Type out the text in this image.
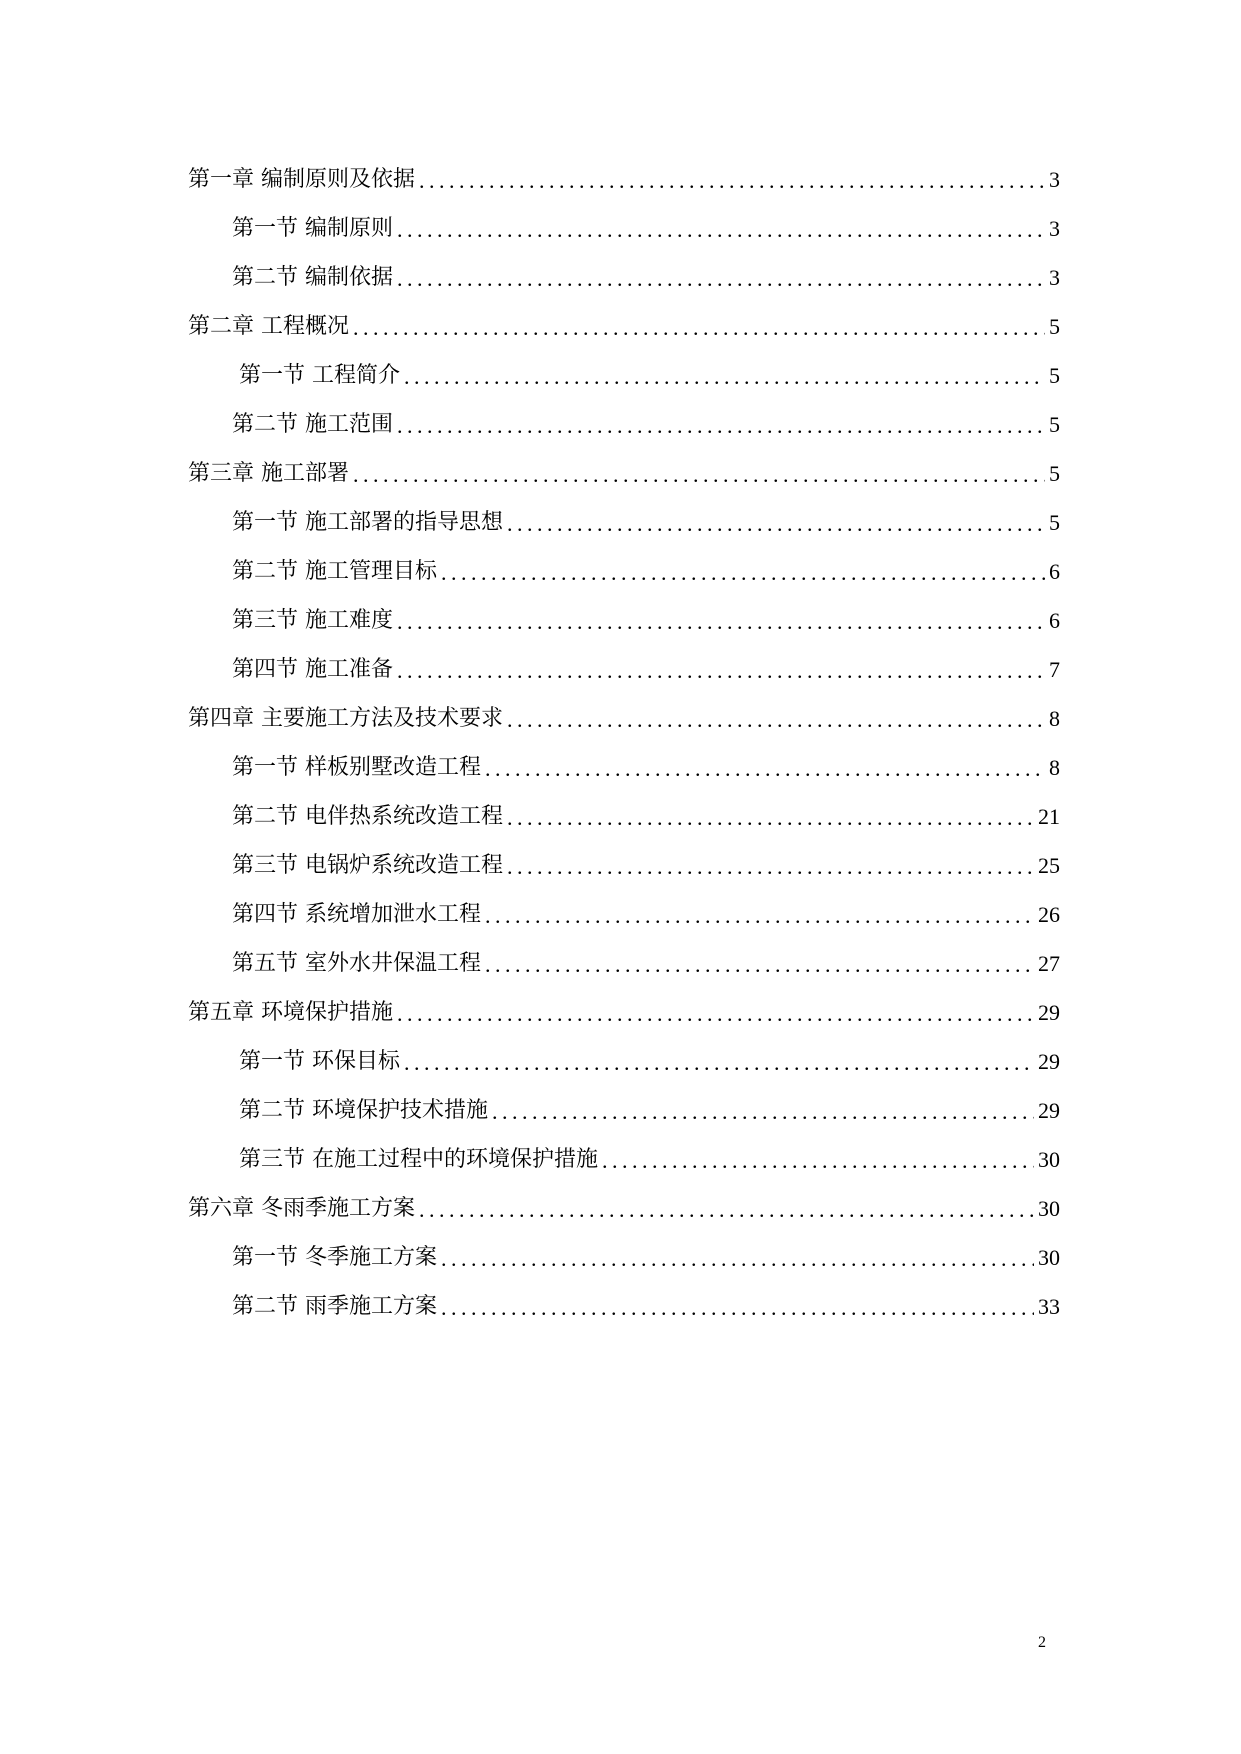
第一章 编制原则及依据 .....	3
第一节 编制原则 .....	3
第二节 编制依据 .....	3
第二章 工程概况 .....	5
第一节 工程简介 .....	5
第二节 施工范围 .....	5
第三章 施工部署 .....	5
第一节 施工部署的指导思想 .....	5
第二节 施工管理目标 .....	6
第三节 施工难度 .....	6
第四节 施工准备 .....	7
第四章 主要施工方法及技术要求 .....	8
第一节 样板别墅改造工程 .....	8
第二节 电伴热系统改造工程 .....	21
第三节 电锅炉系统改造工程 .....	25
第四节 系统增加泄水工程 .....	26
第五节 室外水井保温工程 .....	27
第五章 环境保护措施 .....	29
第一节 环保目标 .....	29
第二节 环境保护技术措施 .....	29
第三节 在施工过程中的环境保护措施 .....	30
第六章 冬雨季施工方案 .....	30
第一节 冬季施工方案 .....	30
第二节 雨季施工方案 .....	33
2
